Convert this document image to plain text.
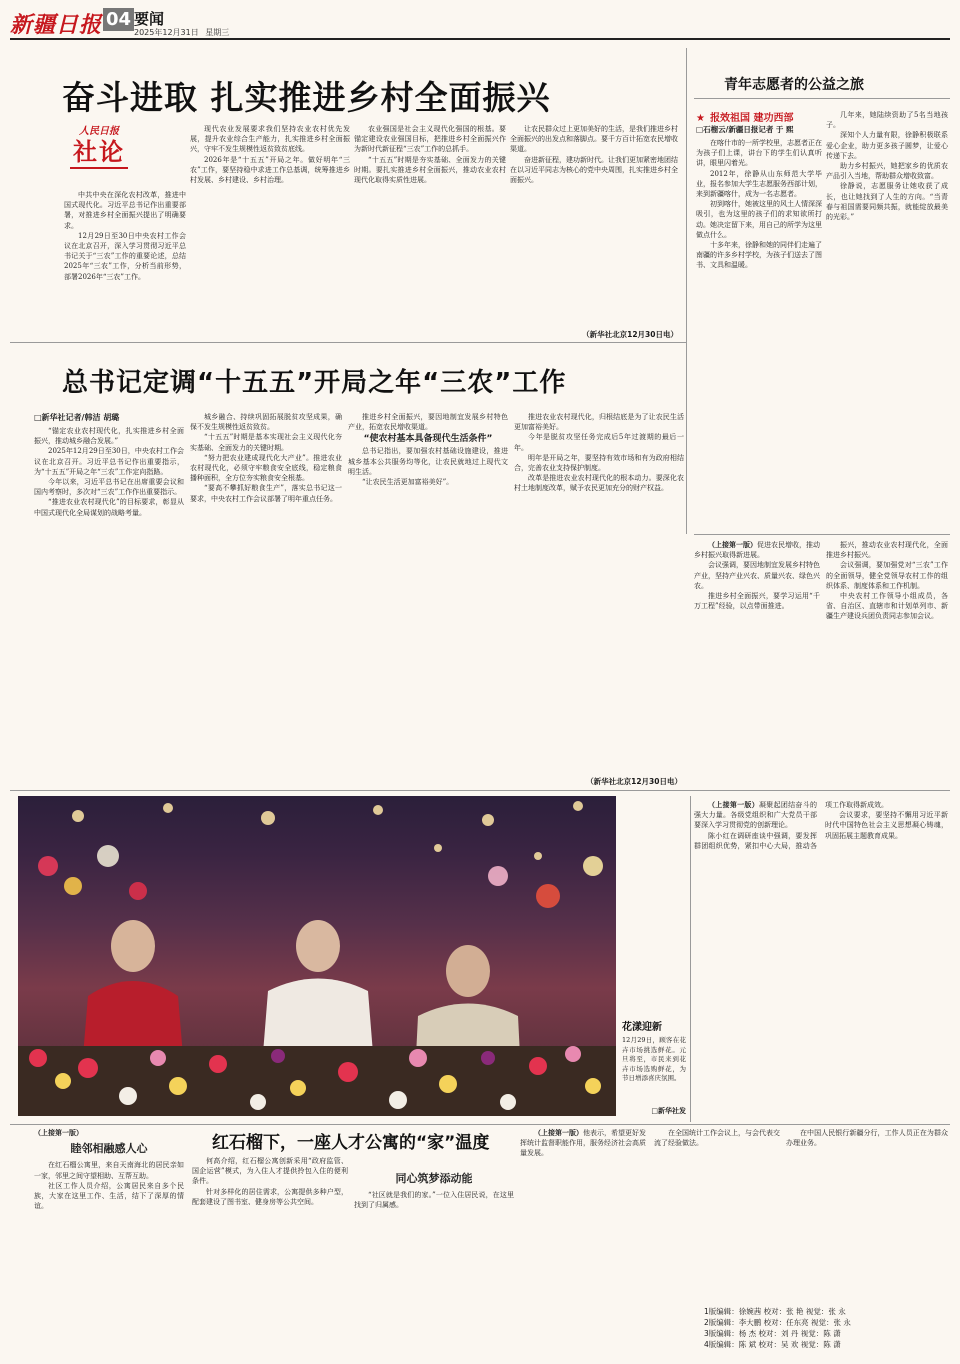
新疆日报 04 要闻
2025年12月31日 星期三
奋斗进取 扎实推进乡村全面振兴
人民日报
社论

中共中央在深化农村改革，推进中国式现代化。习近平总书记作出重要部署，对推进乡村全面振兴提出了明确要求。

12月29日至30日中央农村工作会议在北京召开，深入学习贯彻习近平总书记关于“三农”工作的重要论述，总结2025年“三农”工作，分析当前形势，部署2026年“三农”工作。

现代农业发展要求我们坚持农业农村优先发展，提升农业综合生产能力，扎实推进乡村全面振兴，守牢不发生规模性返贫致贫底线。

2026年是“十五五”开局之年。做好明年“三农”工作，要坚持稳中求进工作总基调，统筹推进乡村发展、乡村建设、乡村治理。

农业强国是社会主义现代化强国的根基。要锚定建设农业强国目标，把推进乡村全面振兴作为新时代新征程“三农”工作的总抓手。

“十五五”时期是夯实基础、全面发力的关键时期。要扎实推进乡村全面振兴，推动农业农村现代化取得实质性进展。

让农民群众过上更加美好的生活，是我们推进乡村全面振兴的出发点和落脚点。要千方百计拓宽农民增收渠道。

奋进新征程，建功新时代。让我们更加紧密地团结在以习近平同志为核心的党中央周围，扎实推进乡村全面振兴。

（新华社北京12月30日电）
青年志愿者的公益之旅
★ 报效祖国 建功西部
□石榴云/新疆日报记者 于 熙

在喀什市的一所学校里，志愿者正在为孩子们上课，讲台下的学生们认真听讲，眼里闪着光。

2012年，徐静从山东师范大学毕业，报名参加大学生志愿服务西部计划，来到新疆喀什，成为一名志愿者。

初到喀什，她被这里的风土人情深深吸引，也为这里的孩子们的求知欲所打动。她决定留下来，用自己的所学为这里做点什么。

十多年来，徐静和她的同伴们走遍了南疆的许多乡村学校，为孩子们送去了图书、文具和温暖。

几年来，她陆续资助了5名当地孩子。

深知个人力量有限，徐静积极联系爱心企业，助力更多孩子圆梦，让爱心传递下去。

助力乡村振兴，她把家乡的优质农产品引入当地，帮助群众增收致富。

徐静说，志愿服务让她收获了成长，也让她找到了人生的方向。“当青春与祖国需要同频共振，就能绽放最美的光彩。”

总书记定调“十五五”开局之年“三农”工作
□新华社记者/韩洁 胡璐

“锚定农业农村现代化，扎实推进乡村全面振兴，推动城乡融合发展。”

2025年12月29日至30日，中央农村工作会议在北京召开。习近平总书记作出重要指示，为“十五五”开局之年“三农”工作定向指路。

今年以来，习近平总书记在出席重要会议和国内考察时，多次对“三农”工作作出重要指示。

“推进农业农村现代化”的目标要求，彰显从中国式现代化全局谋划的战略考量。

城乡融合、持续巩固拓展脱贫攻坚成果，确保不发生规模性返贫致贫。

“十五五”时期是基本实现社会主义现代化夯实基础、全面发力的关键时期。

“努力把农业建成现代化大产业”。推进农业农村现代化，必须守牢粮食安全底线，稳定粮食播种面积，全方位夯实粮食安全根基。

“要高不攀抓好粮食生产”，落实总书记这一要求，中央农村工作会议部署了明年重点任务。

推进乡村全面振兴，要因地制宜发展乡村特色产业，拓宽农民增收渠道。

“使农村基本具备现代生活条件”

总书记指出，要加强农村基础设施建设，推进城乡基本公共服务均等化，让农民就地过上现代文明生活。

“让农民生活更加富裕美好”。

推进农业农村现代化，归根结底是为了让农民生活更加富裕美好。

今年是脱贫攻坚任务完成后5年过渡期的最后一年。

明年是开局之年，要坚持有效市场和有为政府相结合，完善农业支持保护制度。

改革是推进农业农村现代化的根本动力。要深化农村土地制度改革，赋予农民更加充分的财产权益。

（新华社北京12月30日电）

（上接第一版）促进农民增收，推动乡村振兴取得新进展。

会议强调，要因地制宜发展乡村特色产业，坚持产业兴农、质量兴农、绿色兴农。

推进乡村全面振兴，要学习运用“千万工程”经验，以点带面推进。

振兴，推动农业农村现代化，全面推进乡村振兴。

会议强调，要加强党对“三农”工作的全面领导，健全党领导农村工作的组织体系、制度体系和工作机制。

中央农村工作领导小组成员，各省、自治区、直辖市和计划单列市、新疆生产建设兵团负责同志参加会议。

花漾迎新
12月29日，顾客在花卉市场挑选鲜花。元旦将至，市民来到花卉市场选购鲜花，为节日增添喜庆氛围。
□新华社发

（上接第一版）凝聚起团结奋斗的强大力量。各级党组织和广大党员干部要深入学习贯彻党的创新理论。

陈小红在调研座谈中强调，要发挥群团组织优势，紧扣中心大局，推动各项工作取得新成效。

会议要求，要坚持不懈用习近平新时代中国特色社会主义思想凝心铸魂，巩固拓展主题教育成果。

（上接第一版）
睦邻相融感人心

在红石榴公寓里，来自天南海北的居民亲如一家，邻里之间守望相助、互帮互助。

社区工作人员介绍，公寓居民来自多个民族，大家在这里工作、生活，结下了深厚的情谊。

红石榴下，一座人才公寓的“家”温度

何高介绍，红石榴公寓创新采用“政府监管、国企运营”模式，为入住人才提供拎包入住的便利条件。

针对多样化的居住需求，公寓提供多种户型，配套建设了图书室、健身房等公共空间。

同心筑梦添动能

“社区就是我们的家。”一位入住居民说，在这里找到了归属感。

（上接第一版）他表示，希望更好发挥统计监督职能作用，服务经济社会高质量发展。

在全国统计工作会议上，与会代表交流了经验做法。

在中国人民银行新疆分行，工作人员正在为群众办理业务。

1版编辑：徐婉茜 校对：张 艳 视觉：张 永
2版编辑：李大鹏 校对：任东亮 视觉：张 永
3版编辑：杨 杰 校对：刘 丹 视觉：陈 潇
4版编辑：陈 斌 校对：吴 欢 视觉：陈 潇
